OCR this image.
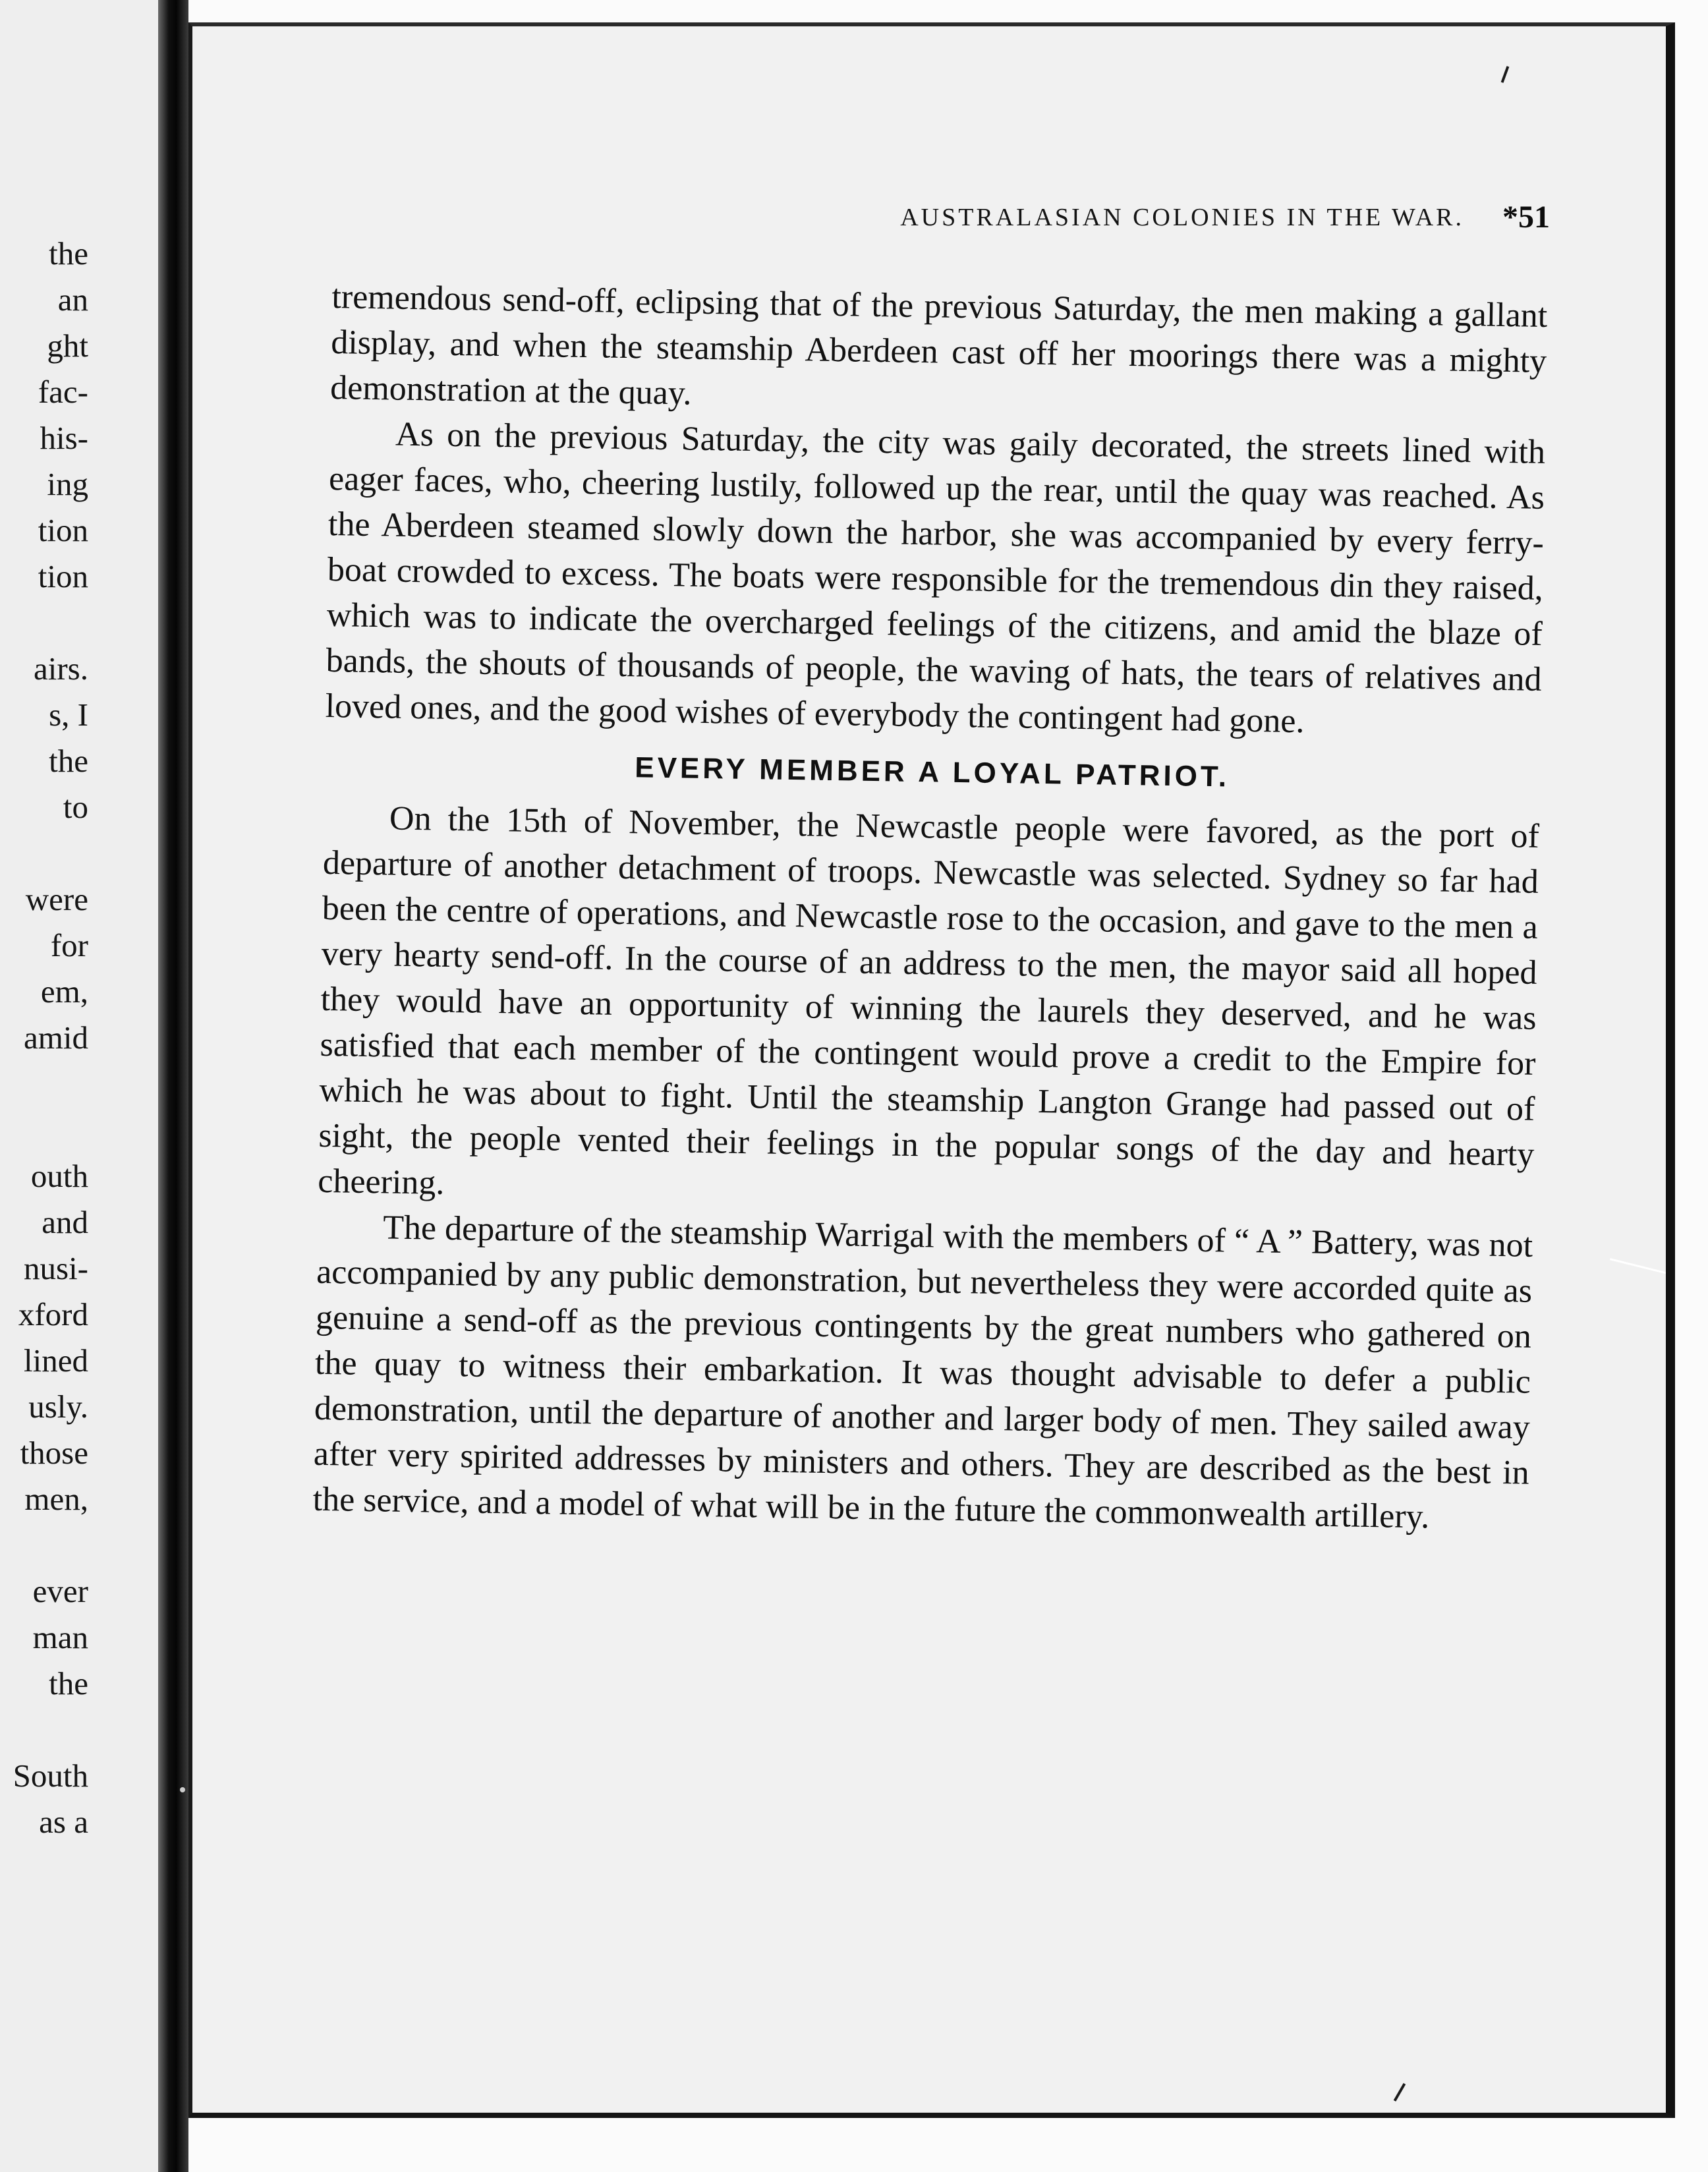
the
an
ght
fac-
his-
ing
tion
tion
airs.
s, I
the
to
were
for
em,
amid
outh
and
nusi-
xford
lined
usly.
those
men,
ever
man
the
South
as a
AUSTRALASIAN COLONIES IN THE WAR.	*51

tremendous send-off, eclipsing that of the previous Saturday, the men making a gallant display, and when the steamship Aberdeen cast off her moorings there was a mighty demonstration at the quay.

As on the previous Saturday, the city was gaily decorated, the streets lined with eager faces, who, cheering lustily, followed up the rear, until the quay was reached. As the Aberdeen steamed slowly down the harbor, she was accompanied by every ferry-boat crowded to excess. The boats were responsible for the tremendous din they raised, which was to indicate the overcharged feelings of the citizens, and amid the blaze of bands, the shouts of thousands of people, the waving of hats, the tears of relatives and loved ones, and the good wishes of everybody the contingent had gone.

EVERY MEMBER A LOYAL PATRIOT.

On the 15th of November, the Newcastle people were favored, as the port of departure of another detachment of troops. Newcastle was selected. Sydney so far had been the centre of operations, and Newcastle rose to the occasion, and gave to the men a very hearty send-off. In the course of an address to the men, the mayor said all hoped they would have an opportunity of winning the laurels they deserved, and he was satisfied that each member of the contingent would prove a credit to the Empire for which he was about to fight. Until the steamship Langton Grange had passed out of sight, the people vented their feelings in the popular songs of the day and hearty cheering.

The departure of the steamship Warrigal with the members of “ A ” Battery, was not accompanied by any public demonstration, but nevertheless they were accorded quite as genuine a send-off as the previous contingents by the great numbers who gathered on the quay to witness their embarkation. It was thought advisable to defer a public demonstration, until the departure of another and larger body of men. They sailed away after very spirited addresses by ministers and others. They are described as the best in the service, and a model of what will be in the future the commonwealth artillery.
